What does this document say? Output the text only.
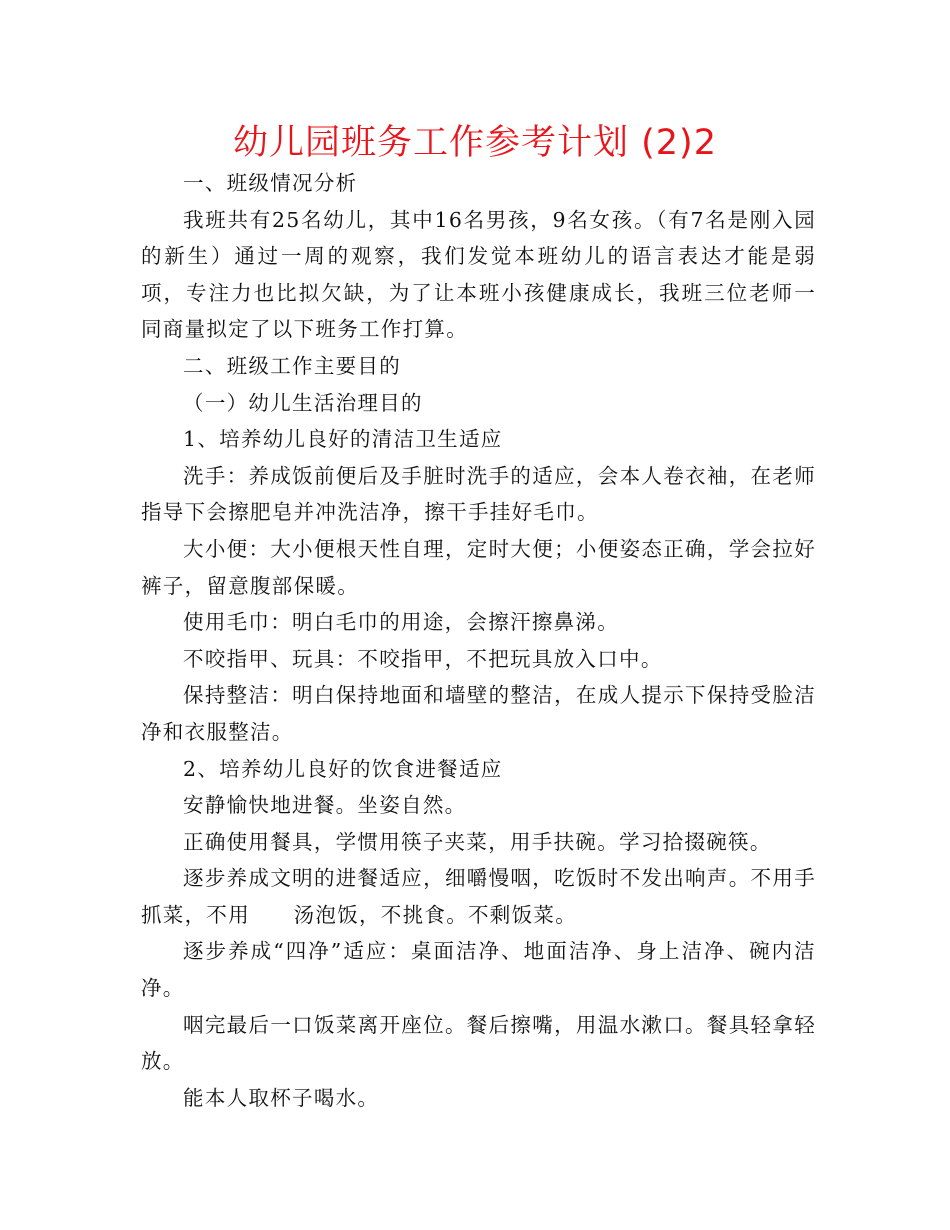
幼儿园班务工作参考计划 (2)2

一、班级情况分析

我班共有25名幼儿，其中16名男孩，9名女孩。（有7名是刚入园的新生）通过一周的观察，我们发觉本班幼儿的语言表达才能是弱项，专注力也比拟欠缺，为了让本班小孩健康成长，我班三位老师一同商量拟定了以下班务工作打算。

二、班级工作主要目的

（一）幼儿生活治理目的

1、培养幼儿良好的清洁卫生适应

洗手：养成饭前便后及手脏时洗手的适应，会本人卷衣袖，在老师指导下会擦肥皂并冲洗洁净，擦干手挂好毛巾。

大小便：大小便根天性自理，定时大便；小便姿态正确，学会拉好裤子，留意腹部保暖。

使用毛巾：明白毛巾的用途，会擦汗擦鼻涕。

不咬指甲、玩具：不咬指甲，不把玩具放入口中。

保持整洁：明白保持地面和墙壁的整洁，在成人提示下保持受脸洁净和衣服整洁。

2、培养幼儿良好的饮食进餐适应

安静愉快地进餐。坐姿自然。

正确使用餐具，学惯用筷子夹菜，用手扶碗。学习拾掇碗筷。

逐步养成文明的进餐适应，细嚼慢咽，吃饭时不发出响声。不用手抓菜，不用　　汤泡饭，不挑食。不剩饭菜。

逐步养成“四净”适应：桌面洁净、地面洁净、身上洁净、碗内洁净。

咽完最后一口饭菜离开座位。餐后擦嘴，用温水漱口。餐具轻拿轻放。

能本人取杯子喝水。
